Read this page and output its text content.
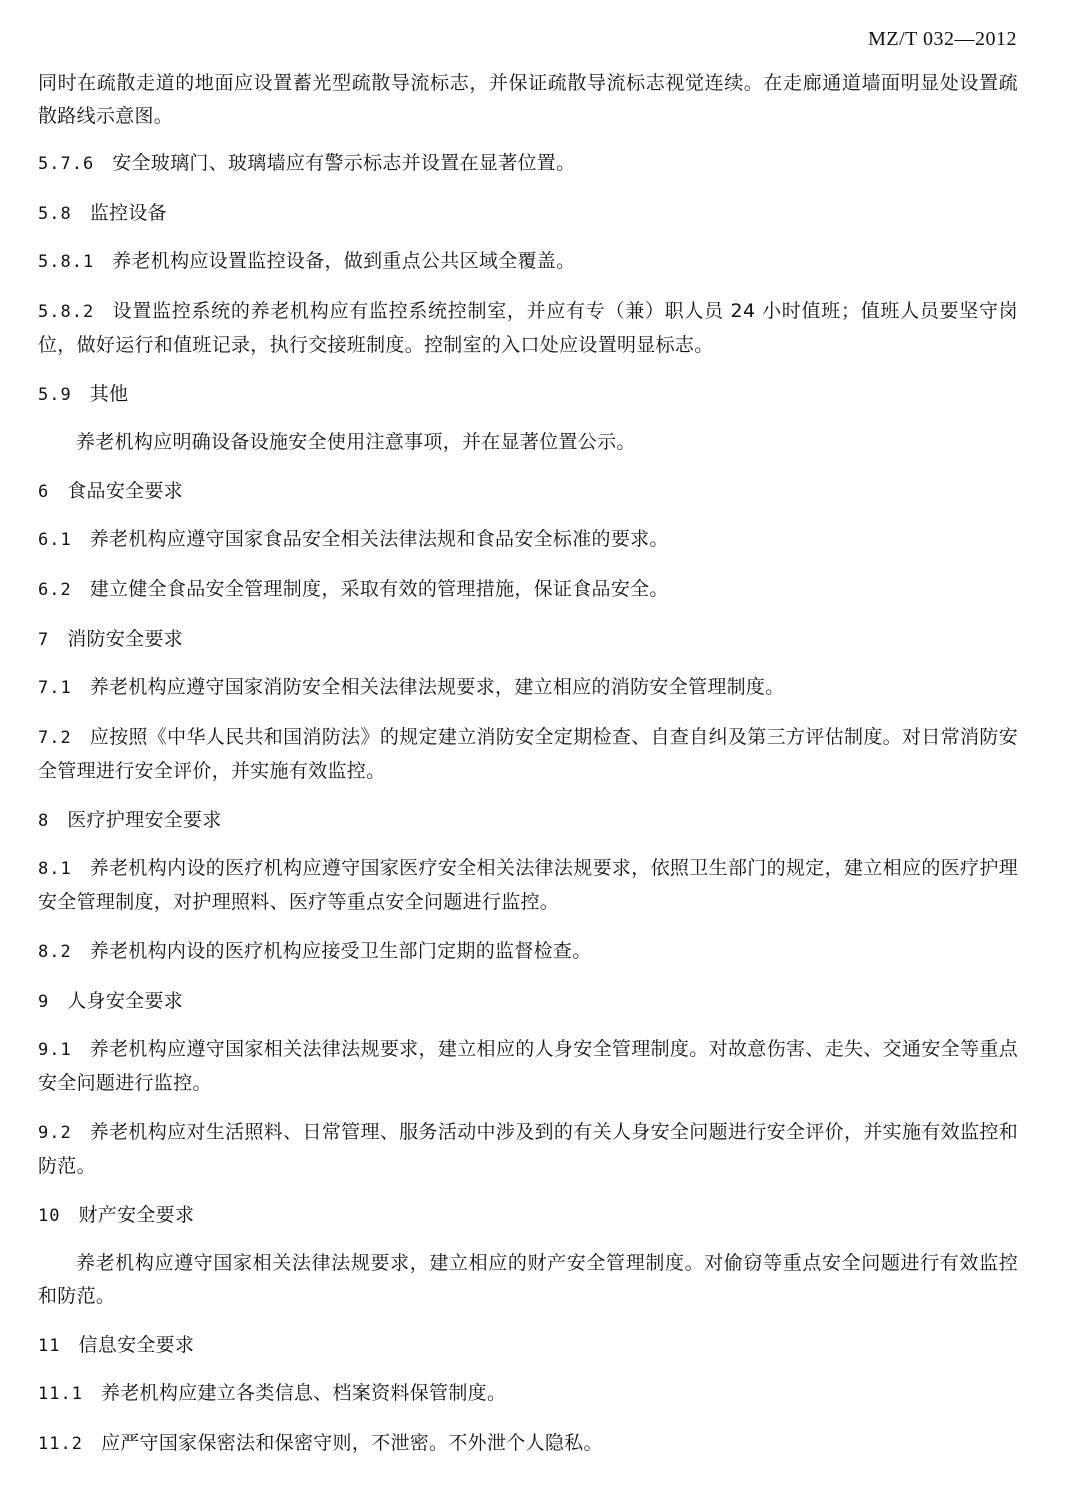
MZ/T 032—2012

同时在疏散走道的地面应设置蓄光型疏散导流标志，并保证疏散导流标志视觉连续。在走廊通道墙面明显处设置疏散路线示意图。

5.7.6 安全玻璃门、玻璃墙应有警示标志并设置在显著位置。

5.8 监控设备

5.8.1 养老机构应设置监控设备，做到重点公共区域全覆盖。

5.8.2 设置监控系统的养老机构应有监控系统控制室，并应有专（兼）职人员 24 小时值班；值班人员要坚守岗位，做好运行和值班记录，执行交接班制度。控制室的入口处应设置明显标志。

5.9 其他

养老机构应明确设备设施安全使用注意事项，并在显著位置公示。

6 食品安全要求

6.1 养老机构应遵守国家食品安全相关法律法规和食品安全标准的要求。

6.2 建立健全食品安全管理制度，采取有效的管理措施，保证食品安全。

7 消防安全要求

7.1 养老机构应遵守国家消防安全相关法律法规要求，建立相应的消防安全管理制度。

7.2 应按照《中华人民共和国消防法》的规定建立消防安全定期检查、自查自纠及第三方评估制度。对日常消防安全管理进行安全评价，并实施有效监控。

8 医疗护理安全要求

8.1 养老机构内设的医疗机构应遵守国家医疗安全相关法律法规要求，依照卫生部门的规定，建立相应的医疗护理安全管理制度，对护理照料、医疗等重点安全问题进行监控。

8.2 养老机构内设的医疗机构应接受卫生部门定期的监督检查。

9 人身安全要求

9.1 养老机构应遵守国家相关法律法规要求，建立相应的人身安全管理制度。对故意伤害、走失、交通安全等重点安全问题进行监控。

9.2 养老机构应对生活照料、日常管理、服务活动中涉及到的有关人身安全问题进行安全评价，并实施有效监控和防范。

10 财产安全要求

养老机构应遵守国家相关法律法规要求，建立相应的财产安全管理制度。对偷窃等重点安全问题进行有效监控和防范。

11 信息安全要求

11.1 养老机构应建立各类信息、档案资料保管制度。

11.2 应严守国家保密法和保密守则，不泄密。不外泄个人隐私。
